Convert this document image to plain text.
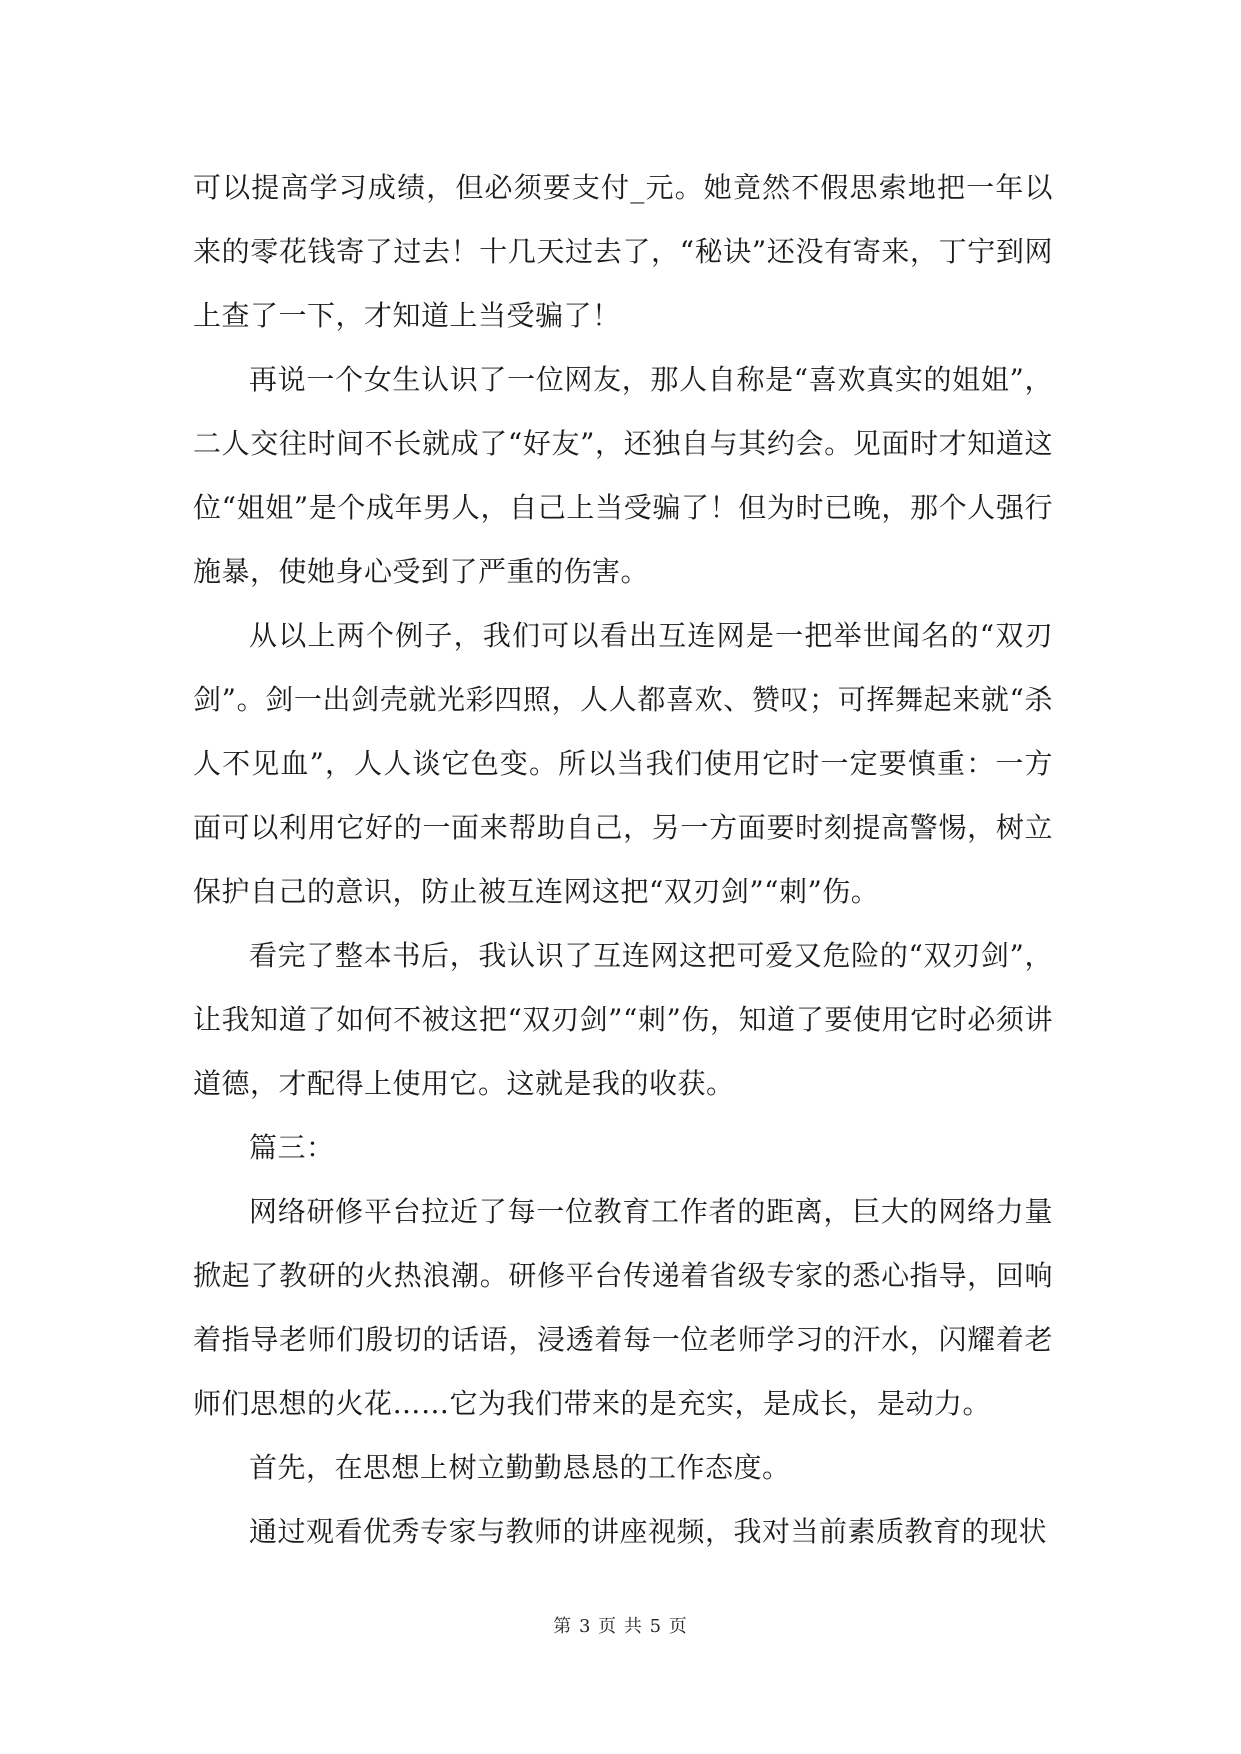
可以提高学习成绩，但必须要支付_元。她竟然不假思索地把一年以来的零花钱寄了过去！十几天过去了，“秘诀”还没有寄来，丁宁到网上查了一下，才知道上当受骗了！

再说一个女生认识了一位网友，那人自称是“喜欢真实的姐姐”，二人交往时间不长就成了“好友”，还独自与其约会。见面时才知道这位“姐姐”是个成年男人，自己上当受骗了！但为时已晚，那个人强行施暴，使她身心受到了严重的伤害。

从以上两个例子，我们可以看出互连网是一把举世闻名的“双刃剑”。剑一出剑壳就光彩四照，人人都喜欢、赞叹；可挥舞起来就“杀人不见血”，人人谈它色变。所以当我们使用它时一定要慎重：一方面可以利用它好的一面来帮助自己，另一方面要时刻提高警惕，树立保护自己的意识，防止被互连网这把“双刃剑”“刺”伤。

看完了整本书后，我认识了互连网这把可爱又危险的“双刃剑”，让我知道了如何不被这把“双刃剑”“刺”伤，知道了要使用它时必须讲道德，才配得上使用它。这就是我的收获。

篇三：

网络研修平台拉近了每一位教育工作者的距离，巨大的网络力量掀起了教研的火热浪潮。研修平台传递着省级专家的悉心指导，回响着指导老师们殷切的话语，浸透着每一位老师学习的汗水，闪耀着老师们思想的火花……它为我们带来的是充实，是成长，是动力。

首先，在思想上树立勤勤恳恳的工作态度。

通过观看优秀专家与教师的讲座视频，我对当前素质教育的现状

第 3 页 共 5 页
